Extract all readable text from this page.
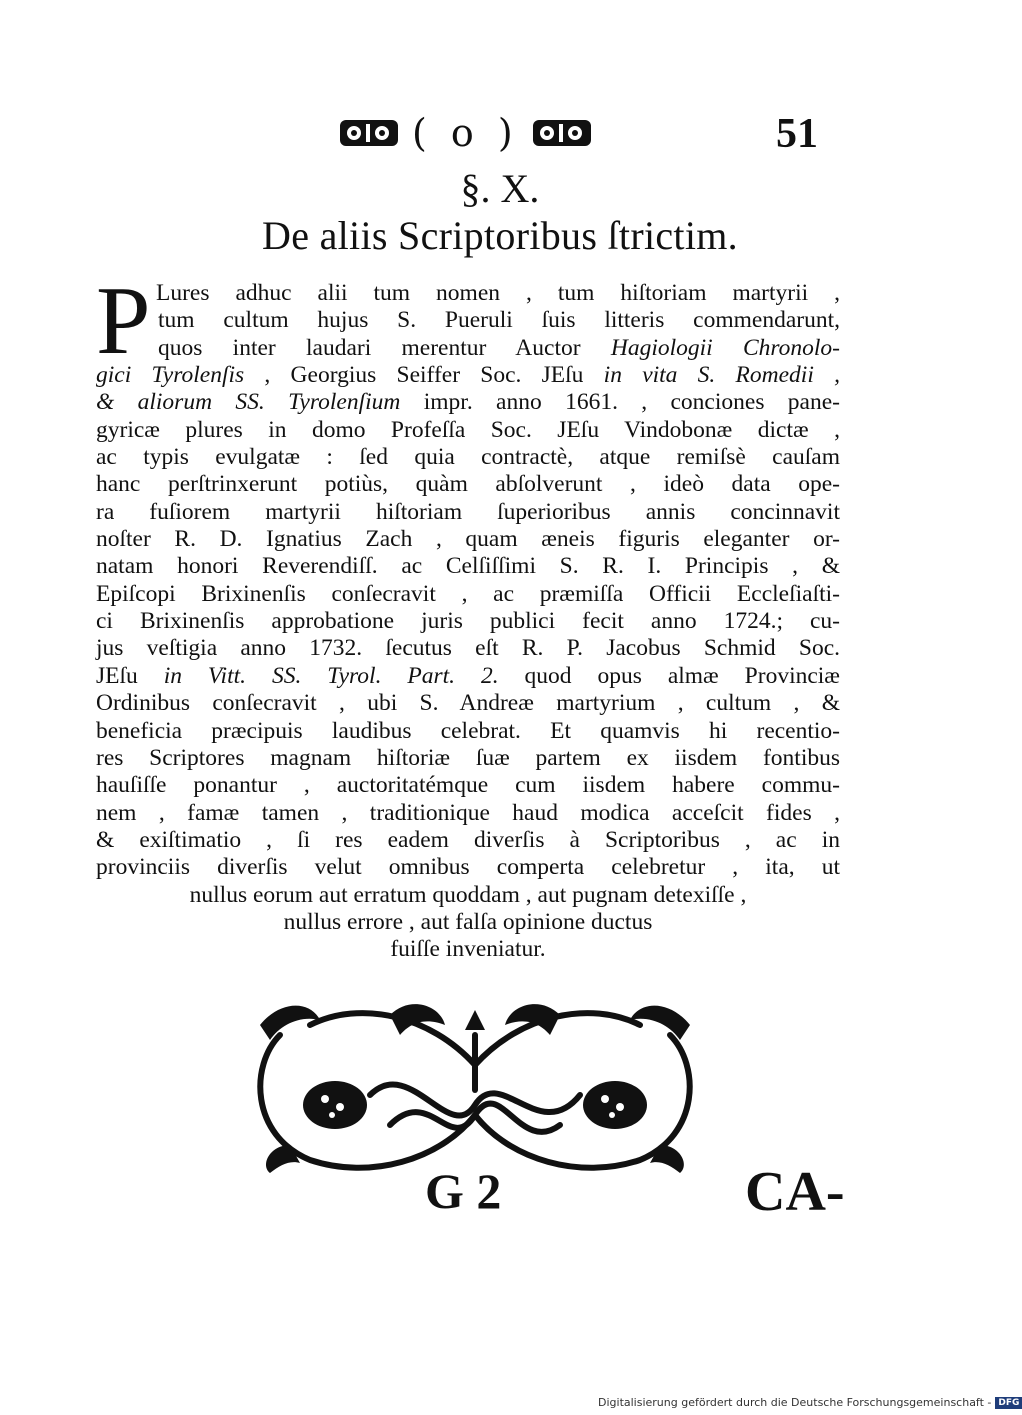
( o )	51
§. X.
De aliis Scriptoribus ſtrictim.
P Lures adhuc alii tum nomen , tum hiſtoriam martyrii ,
tum cultum hujus S. Pueruli ſuis litteris commendarunt,
quos inter laudari merentur Auctor Hagiologii Chronolo-
gici Tyrolenſis , Georgius Seiffer Soc. JEſu in vita S. Romedii ,
& aliorum SS. Tyrolenſium impr. anno 1661. , conciones pane-
gyricæ plures in domo Profeſſa Soc. JEſu Vindobonæ dictæ ,
ac typis evulgatæ : ſed quia contractè, atque remiſsè cauſam
hanc perſtrinxerunt potiùs, quàm abſolverunt , ideò data ope-
ra fuſiorem martyrii hiſtoriam ſuperioribus annis concinnavit
noſter R. D. Ignatius Zach , quam æneis figuris eleganter or-
natam honori Reverendiſſ. ac Celſiſſimi S. R. I. Principis , &
Epiſcopi Brixinenſis conſecravit , ac præmiſſa Officii Eccleſiaſti-
ci Brixinenſis approbatione juris publici fecit anno 1724.; cu-
jus veſtigia anno 1732. ſecutus eſt R. P. Jacobus Schmid Soc.
JEſu in Vitt. SS. Tyrol. Part. 2. quod opus almæ Provinciæ
Ordinibus conſecravit , ubi S. Andreæ martyrium , cultum , &
beneficia præcipuis laudibus celebrat. Et quamvis hi recentio-
res Scriptores magnam hiſtoriæ ſuæ partem ex iisdem fontibus
hauſiſſe ponantur , auctoritatémque cum iisdem habere commu-
nem , famæ tamen , traditionique haud modica acceſcit fides ,
& exiſtimatio , ſi res eadem diverſis à Scriptoribus , ac in
provinciis diverſis velut omnibus comperta celebretur , ita, ut
nullus eorum aut erratum quoddam , aut pugnam detexiſſe ,
nullus errore , aut falſa opinione ductus
fuiſſe inveniatur.
G 2	CA-
Digitalisierung gefördert durch die Deutsche Forschungsgemeinschaft - DFG
